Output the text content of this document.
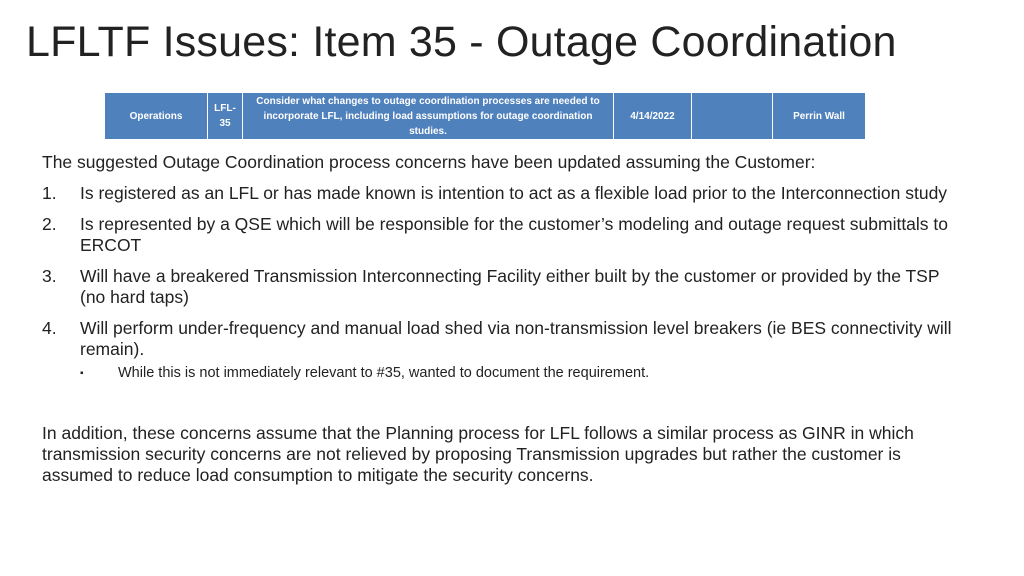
LFLTF Issues: Item 35 - Outage Coordination
Operations	LFL-35	Consider what changes to outage coordination processes are needed to incorporate LFL, including load assumptions for outage coordination studies.	4/14/2022		Perrin Wall

The suggested Outage Coordination process concerns have been updated assuming the Customer:

1.	Is registered as an LFL or has made known is intention to act as a flexible load prior to the Interconnection study
2.	Is represented by a QSE which will be responsible for the customer’s modeling and outage request submittals to ERCOT
3.	Will have a breakered Transmission Interconnecting Facility either built by the customer or provided by the TSP (no hard taps)
4.	Will perform under-frequency and manual load shed via non-transmission level breakers (ie BES connectivity will remain).
▪	While this is not immediately relevant to #35, wanted to document the requirement.

In addition, these concerns assume that the Planning process for LFL follows a similar process as GINR in which transmission security concerns are not relieved by proposing Transmission upgrades but rather the customer is assumed to reduce load consumption to mitigate the security concerns.
